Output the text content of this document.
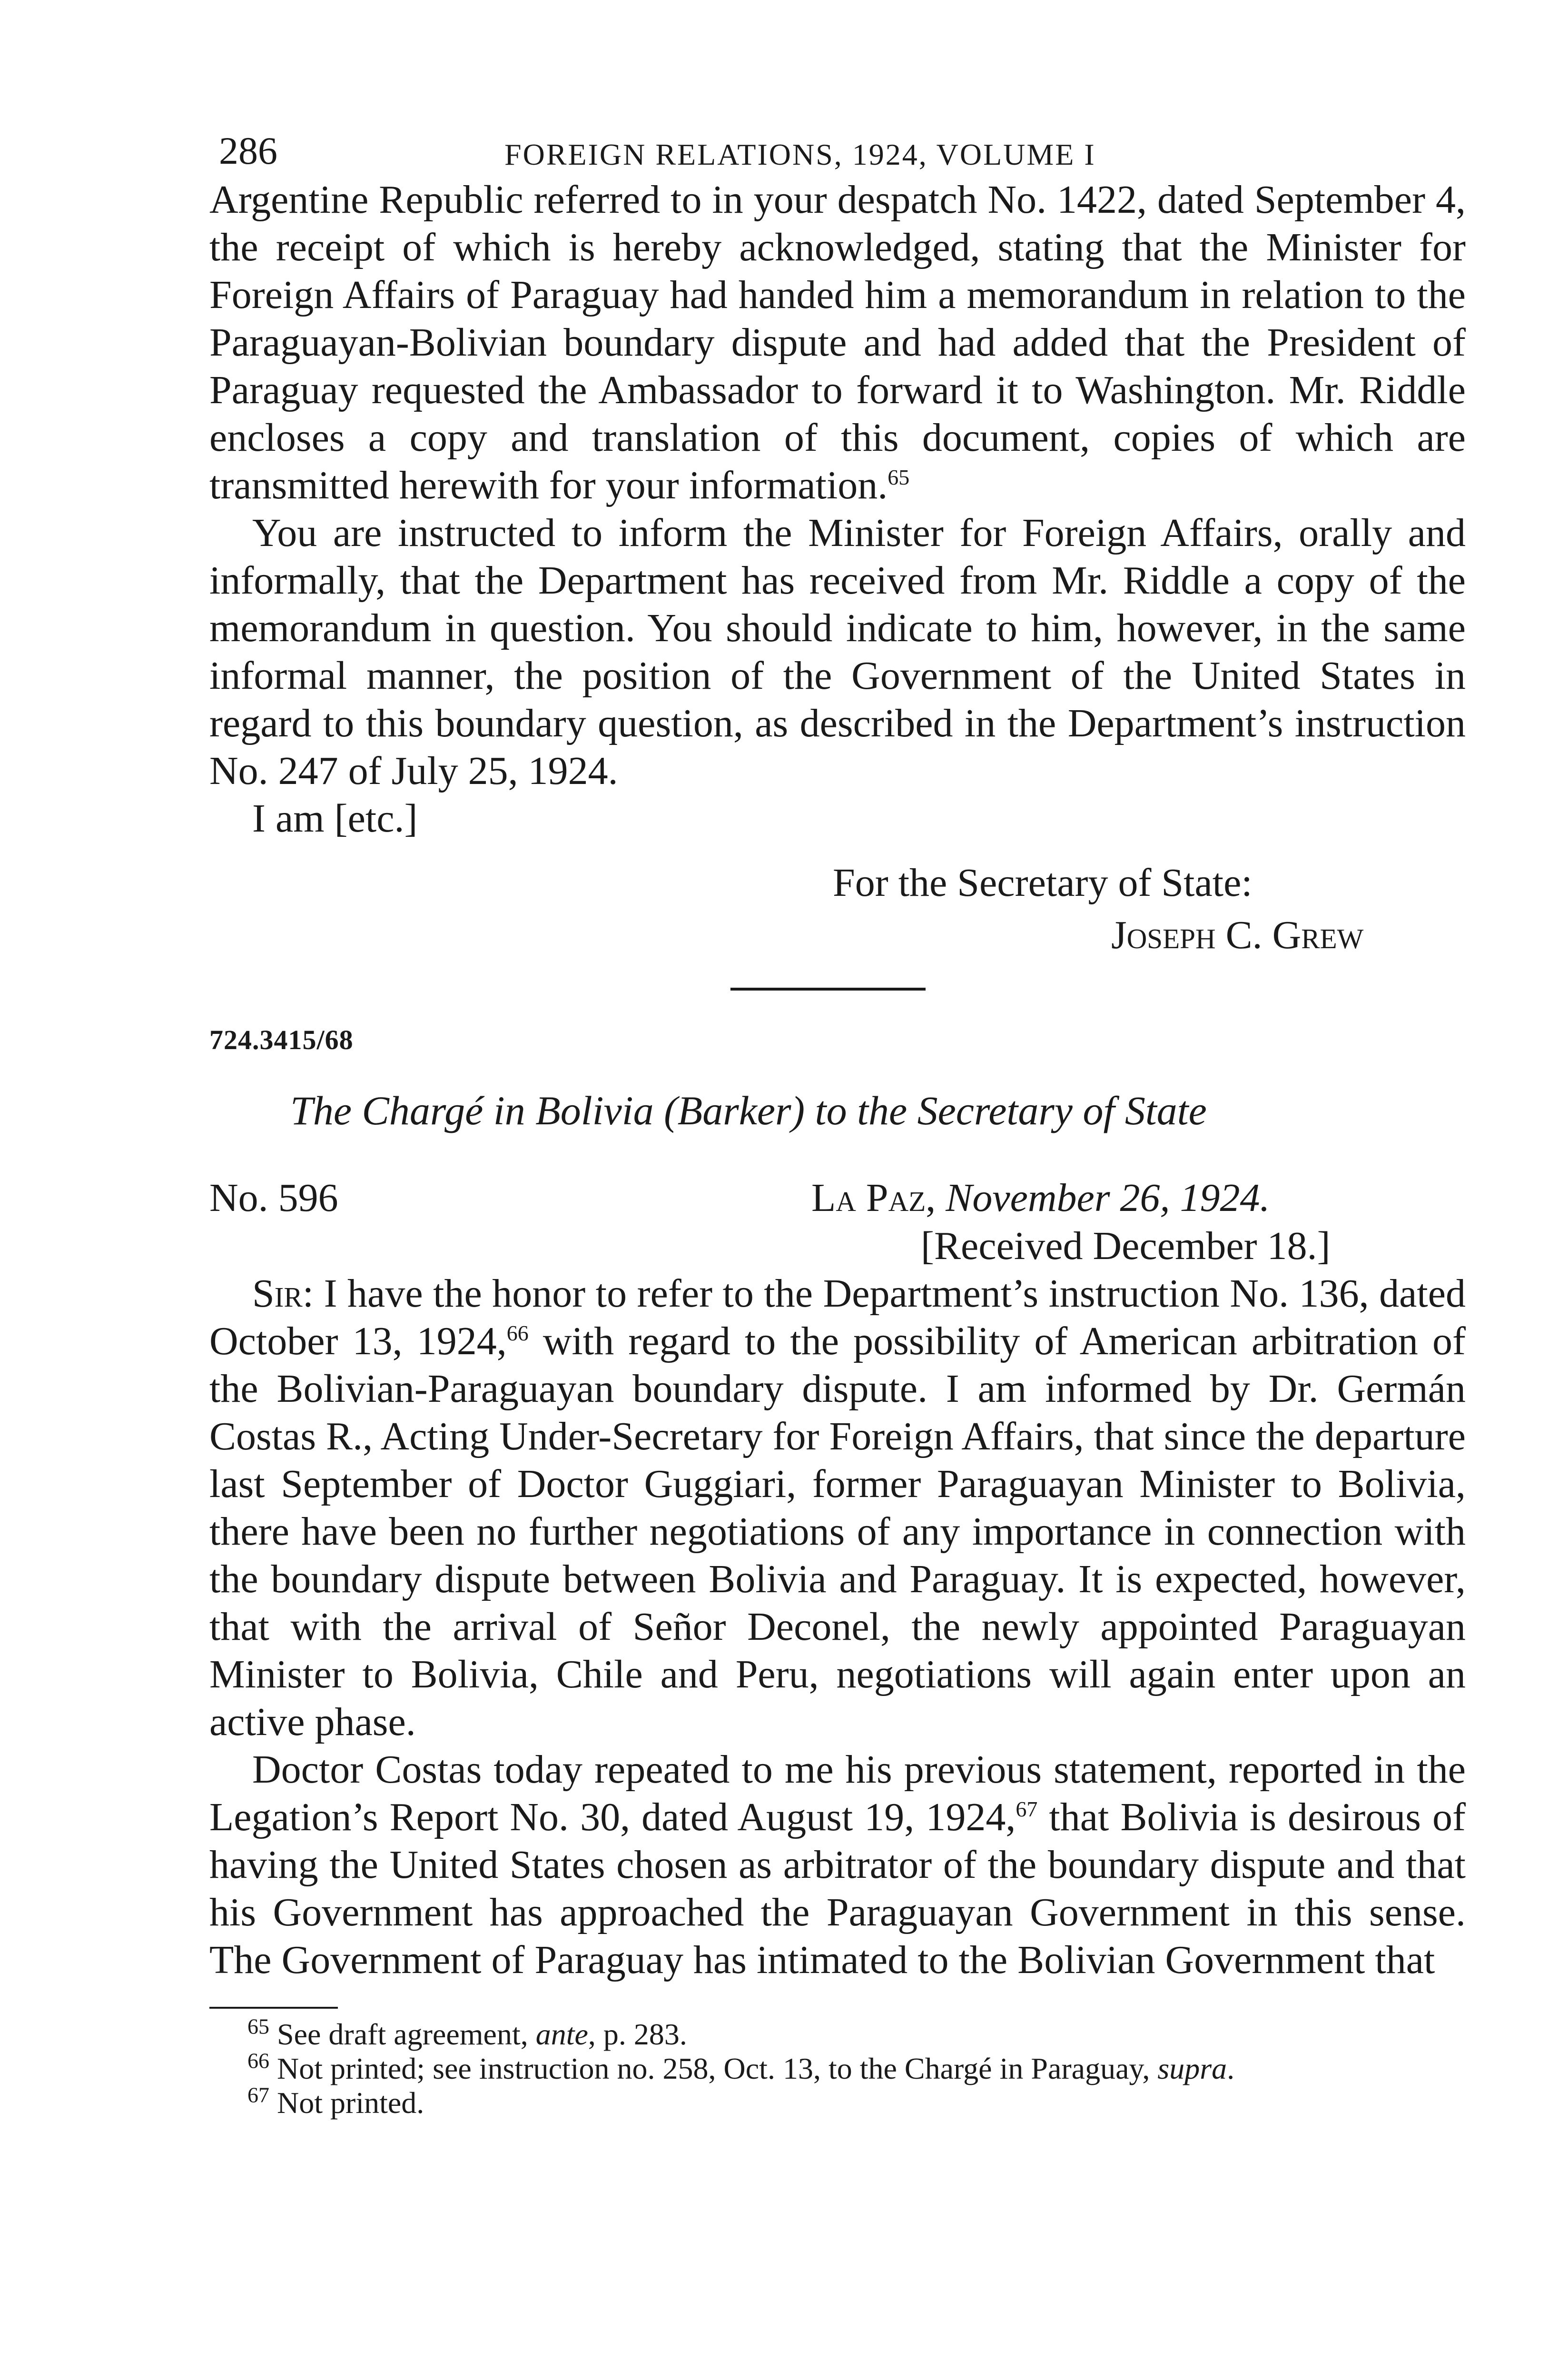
286	FOREIGN RELATIONS, 1924, VOLUME I

Argentine Republic referred to in your despatch No. 1422, dated September 4, the receipt of which is hereby acknowledged, stating that the Minister for Foreign Affairs of Paraguay had handed him a memorandum in relation to the Paraguayan-Bolivian boundary dispute and had added that the President of Paraguay requested the Ambassador to forward it to Washington. Mr. Riddle encloses a copy and translation of this document, copies of which are transmitted herewith for your information.$^{65}$

You are instructed to inform the Minister for Foreign Affairs, orally and informally, that the Department has received from Mr. Riddle a copy of the memorandum in question. You should indicate to him, however, in the same informal manner, the position of the Government of the United States in regard to this boundary question, as described in the Department’s instruction No. 247 of July 25, 1924.

I am [etc.]

For the Secretary of State:
Joseph C. Grew
724.3415/68
The Chargé in Bolivia (Barker) to the Secretary of State
No. 596	La Paz, November 26, 1924.
[Received December 18.]

Sir: I have the honor to refer to the Department’s instruction No. 136, dated October 13, 1924,66 with regard to the possibility of American arbitration of the Bolivian-Paraguayan boundary dispute. I am informed by Dr. Germán Costas R., Acting Under-Secretary for Foreign Affairs, that since the departure last September of Doctor Guggiari, former Paraguayan Minister to Bolivia, there have been no further negotiations of any importance in connection with the boundary dispute between Bolivia and Paraguay. It is expected, however, that with the arrival of Señor Deconel, the newly appointed Paraguayan Minister to Bolivia, Chile and Peru, negotiations will again enter upon an active phase.

Doctor Costas today repeated to me his previous statement, reported in the Legation’s Report No. 30, dated August 19, 1924,67 that Bolivia is desirous of having the United States chosen as arbitrator of the boundary dispute and that his Government has approached the Paraguayan Government in this sense. The Government of Paraguay has intimated to the Bolivian Government that

$^{65}$ See draft agreement, ante, p. 283.

$^{66}$ Not printed; see instruction no. 258, Oct. 13, to the Chargé in Paraguay, supra.

$^{67}$ Not printed.
